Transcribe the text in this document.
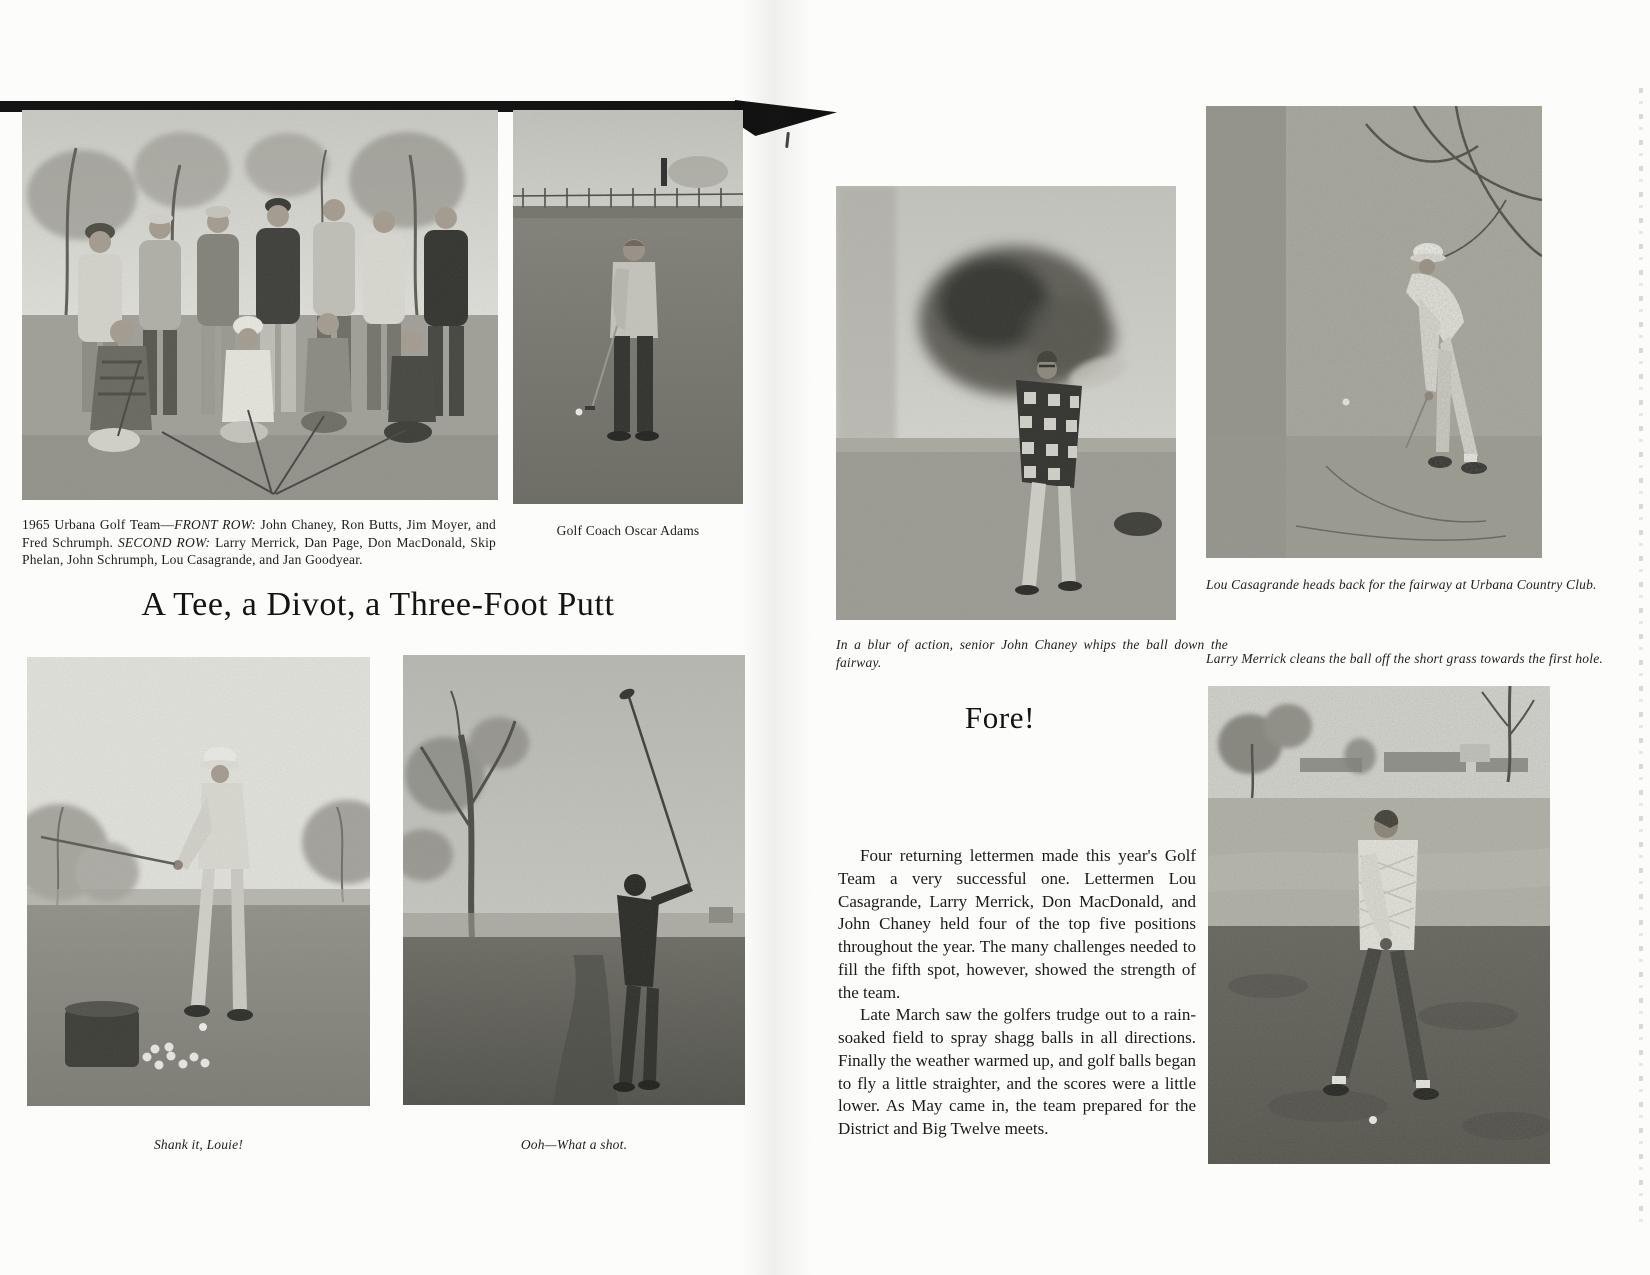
1965 Urbana Golf Team—FRONT ROW: John Chaney, Ron Butts, Jim Moyer, and Fred Schrumph. SECOND ROW: Larry Merrick, Dan Page, Don MacDonald, Skip Phelan, John Schrumph, Lou Casagrande, and Jan Goodyear.
Golf Coach Oscar Adams
A Tee, a Divot, a Three-Foot Putt
Shank it, Louie!	Ooh—What a shot.
Lou Casagrande heads back for the fairway at Urbana Country Club.
In a blur of action, senior John Chaney whips the ball down the fairway.	Larry Merrick cleans the ball off the short grass towards the first hole.
Fore!

Four returning lettermen made this year's Golf Team a very successful one. Lettermen Lou Casagrande, Larry Merrick, Don MacDonald, and John Chaney held four of the top five positions throughout the year. The many challenges needed to fill the fifth spot, however, showed the strength of the team.

Late March saw the golfers trudge out to a rain-soaked field to spray shagg balls in all directions. Finally the weather warmed up, and golf balls began to fly a little straighter, and the scores were a little lower. As May came in, the team prepared for the District and Big Twelve meets.
